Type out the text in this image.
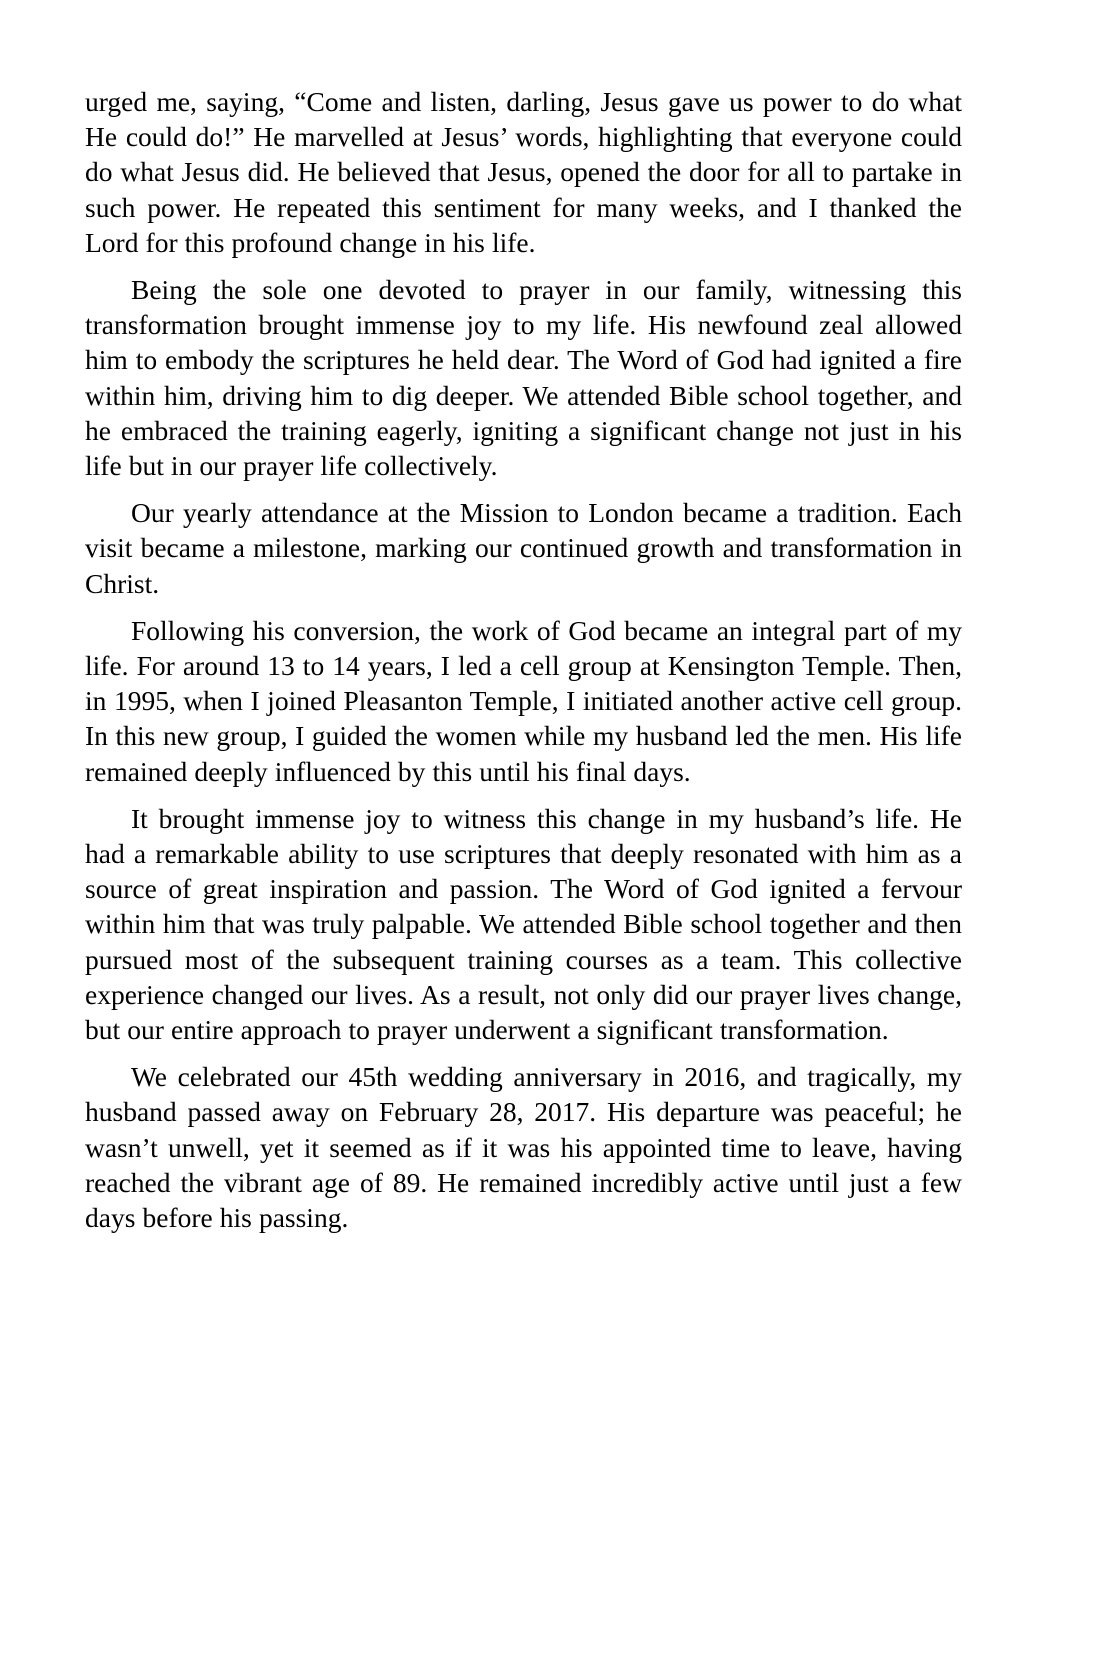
urged me, saying, “Come and listen, darling, Jesus gave us power to do what He could do!” He marvelled at Jesus’ words, highlighting that everyone could do what Jesus did. He believed that Jesus, opened the door for all to partake in such power. He repeated this sentiment for many weeks, and I thanked the Lord for this profound change in his life.

Being the sole one devoted to prayer in our family, witnessing this transformation brought immense joy to my life. His newfound zeal allowed him to embody the scriptures he held dear. The Word of God had ignited a fire within him, driving him to dig deeper. We attended Bible school together, and he embraced the training eagerly, igniting a significant change not just in his life but in our prayer life collectively.

Our yearly attendance at the Mission to London became a tradition. Each visit became a milestone, marking our continued growth and transformation in Christ.

Following his conversion, the work of God became an integral part of my life. For around 13 to 14 years, I led a cell group at Kensington Temple. Then, in 1995, when I joined Pleasanton Temple, I initiated another active cell group. In this new group, I guided the women while my husband led the men. His life remained deeply influenced by this until his final days.

It brought immense joy to witness this change in my husband’s life. He had a remarkable ability to use scriptures that deeply resonated with him as a source of great inspiration and passion. The Word of God ignited a fervour within him that was truly palpable. We attended Bible school together and then pursued most of the subsequent training courses as a team. This collective experience changed our lives. As a result, not only did our prayer lives change, but our entire approach to prayer underwent a significant transformation.

We celebrated our 45th wedding anniversary in 2016, and tragically, my husband passed away on February 28, 2017. His departure was peaceful; he wasn’t unwell, yet it seemed as if it was his appointed time to leave, having reached the vibrant age of 89. He remained incredibly active until just a few days before his passing.
